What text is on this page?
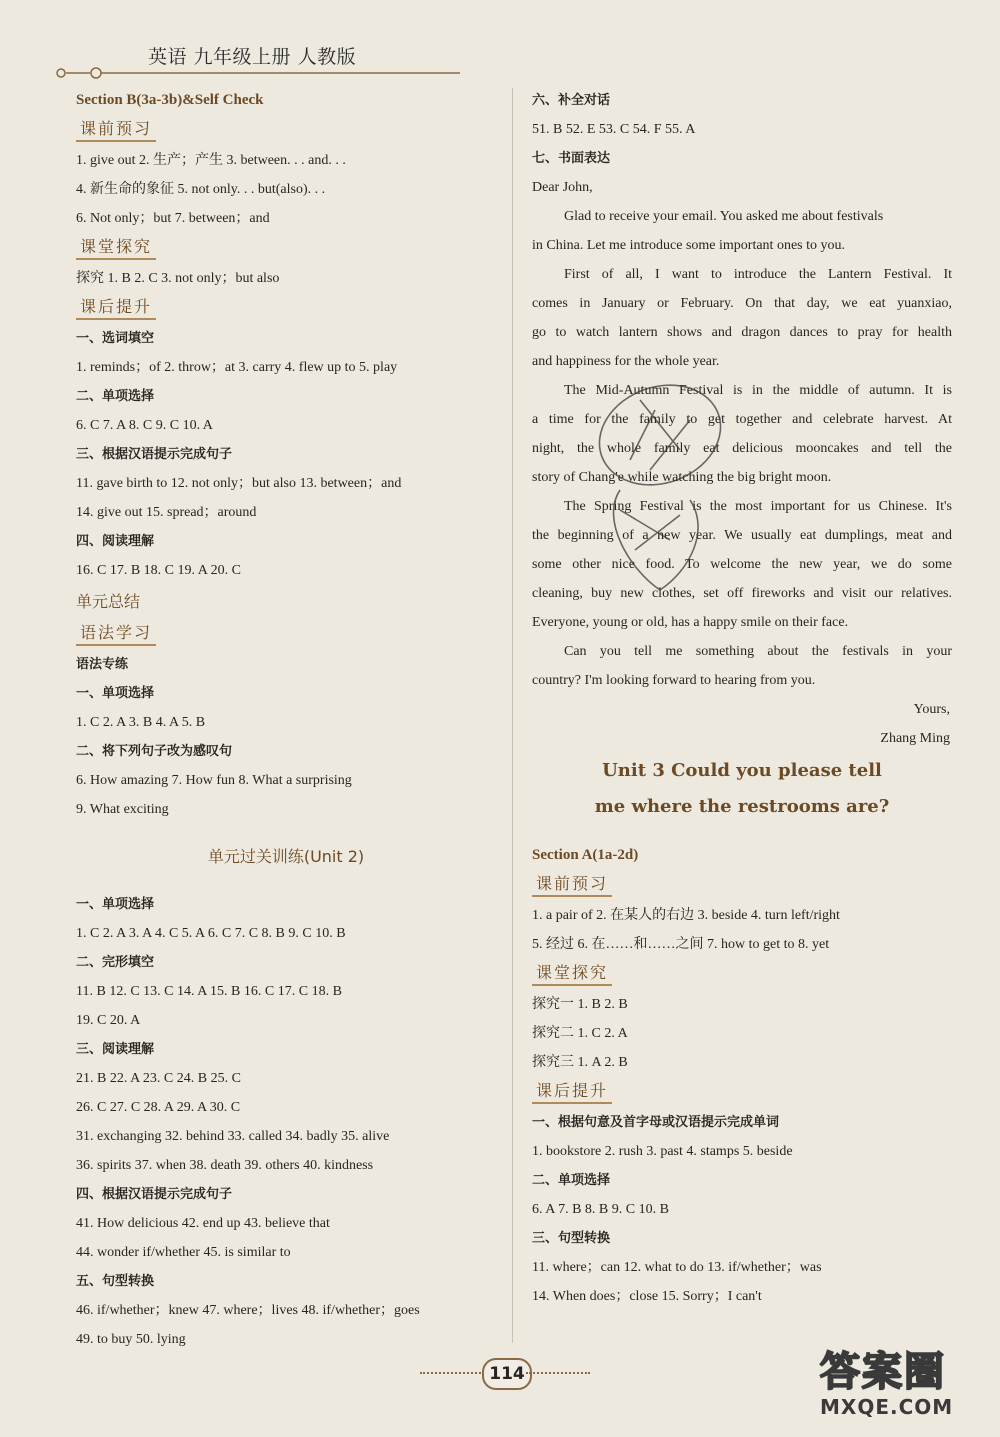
英语 九年级上册 人教版
Section B(3a-3b)&Self Check
课前预习
1. give out 2. 生产；产生 3. between. . . and. . .
4. 新生命的象征 5. not only. . . but(also). . .
6. Not only；but 7. between；and
课堂探究
探究 1. B 2. C 3. not only；but also
课后提升
一、选词填空
1. reminds；of 2. throw；at 3. carry 4. flew up to 5. play
二、单项选择
6. C 7. A 8. C 9. C 10. A
三、根据汉语提示完成句子
11. gave birth to 12. not only；but also 13. between；and
14. give out 15. spread；around
四、阅读理解
16. C 17. B 18. C 19. A 20. C
单元总结
语法学习
语法专练
一、单项选择
1. C 2. A 3. B 4. A 5. B
二、将下列句子改为感叹句
6. How amazing 7. How fun 8. What a surprising
9. What exciting
单元过关训练(Unit 2)
一、单项选择
1. C 2. A 3. A 4. C 5. A 6. C 7. C 8. B 9. C 10. B
二、完形填空
11. B 12. C 13. C 14. A 15. B 16. C 17. C 18. B
19. C 20. A
三、阅读理解
21. B 22. A 23. C 24. B 25. C
26. C 27. C 28. A 29. A 30. C
31. exchanging 32. behind 33. called 34. badly 35. alive
36. spirits 37. when 38. death 39. others 40. kindness
四、根据汉语提示完成句子
41. How delicious 42. end up 43. believe that
44. wonder if/whether 45. is similar to
五、句型转换
46. if/whether；knew 47. where；lives 48. if/whether；goes
49. to buy 50. lying
六、补全对话
51. B 52. E 53. C 54. F 55. A
七、书面表达
Dear John,
Glad to receive your email. You asked me about festivals
in China. Let me introduce some important ones to you.
First of all, I want to introduce the Lantern Festival. It
comes in January or February. On that day, we eat yuanxiao,
go to watch lantern shows and dragon dances to pray for health
and happiness for the whole year.
The Mid-Autumn Festival is in the middle of autumn. It is
a time for the family to get together and celebrate harvest. At
night, the whole family eat delicious mooncakes and tell the
story of Chang'e while watching the big bright moon.
The Spring Festival is the most important for us Chinese. It's
the beginning of a new year. We usually eat dumplings, meat and
some other nice food. To welcome the new year, we do some
cleaning, buy new clothes, set off fireworks and visit our relatives.
Everyone, young or old, has a happy smile on their face.
Can you tell me something about the festivals in your
country? I'm looking forward to hearing from you.
Yours,
Zhang Ming
Unit 3 Could you please tell
me where the restrooms are?
Section A(1a-2d)
课前预习
1. a pair of 2. 在某人的右边 3. beside 4. turn left/right
5. 经过 6. 在……和……之间 7. how to get to 8. yet
课堂探究
探究一 1. B 2. B
探究二 1. C 2. A
探究三 1. A 2. B
课后提升
一、根据句意及首字母或汉语提示完成单词
1. bookstore 2. rush 3. past 4. stamps 5. beside
二、单项选择
6. A 7. B 8. B 9. C 10. B
三、句型转换
11. where；can 12. what to do 13. if/whether；was
14. When does；close 15. Sorry；I can't
114	答案圈
MXQE.COM
